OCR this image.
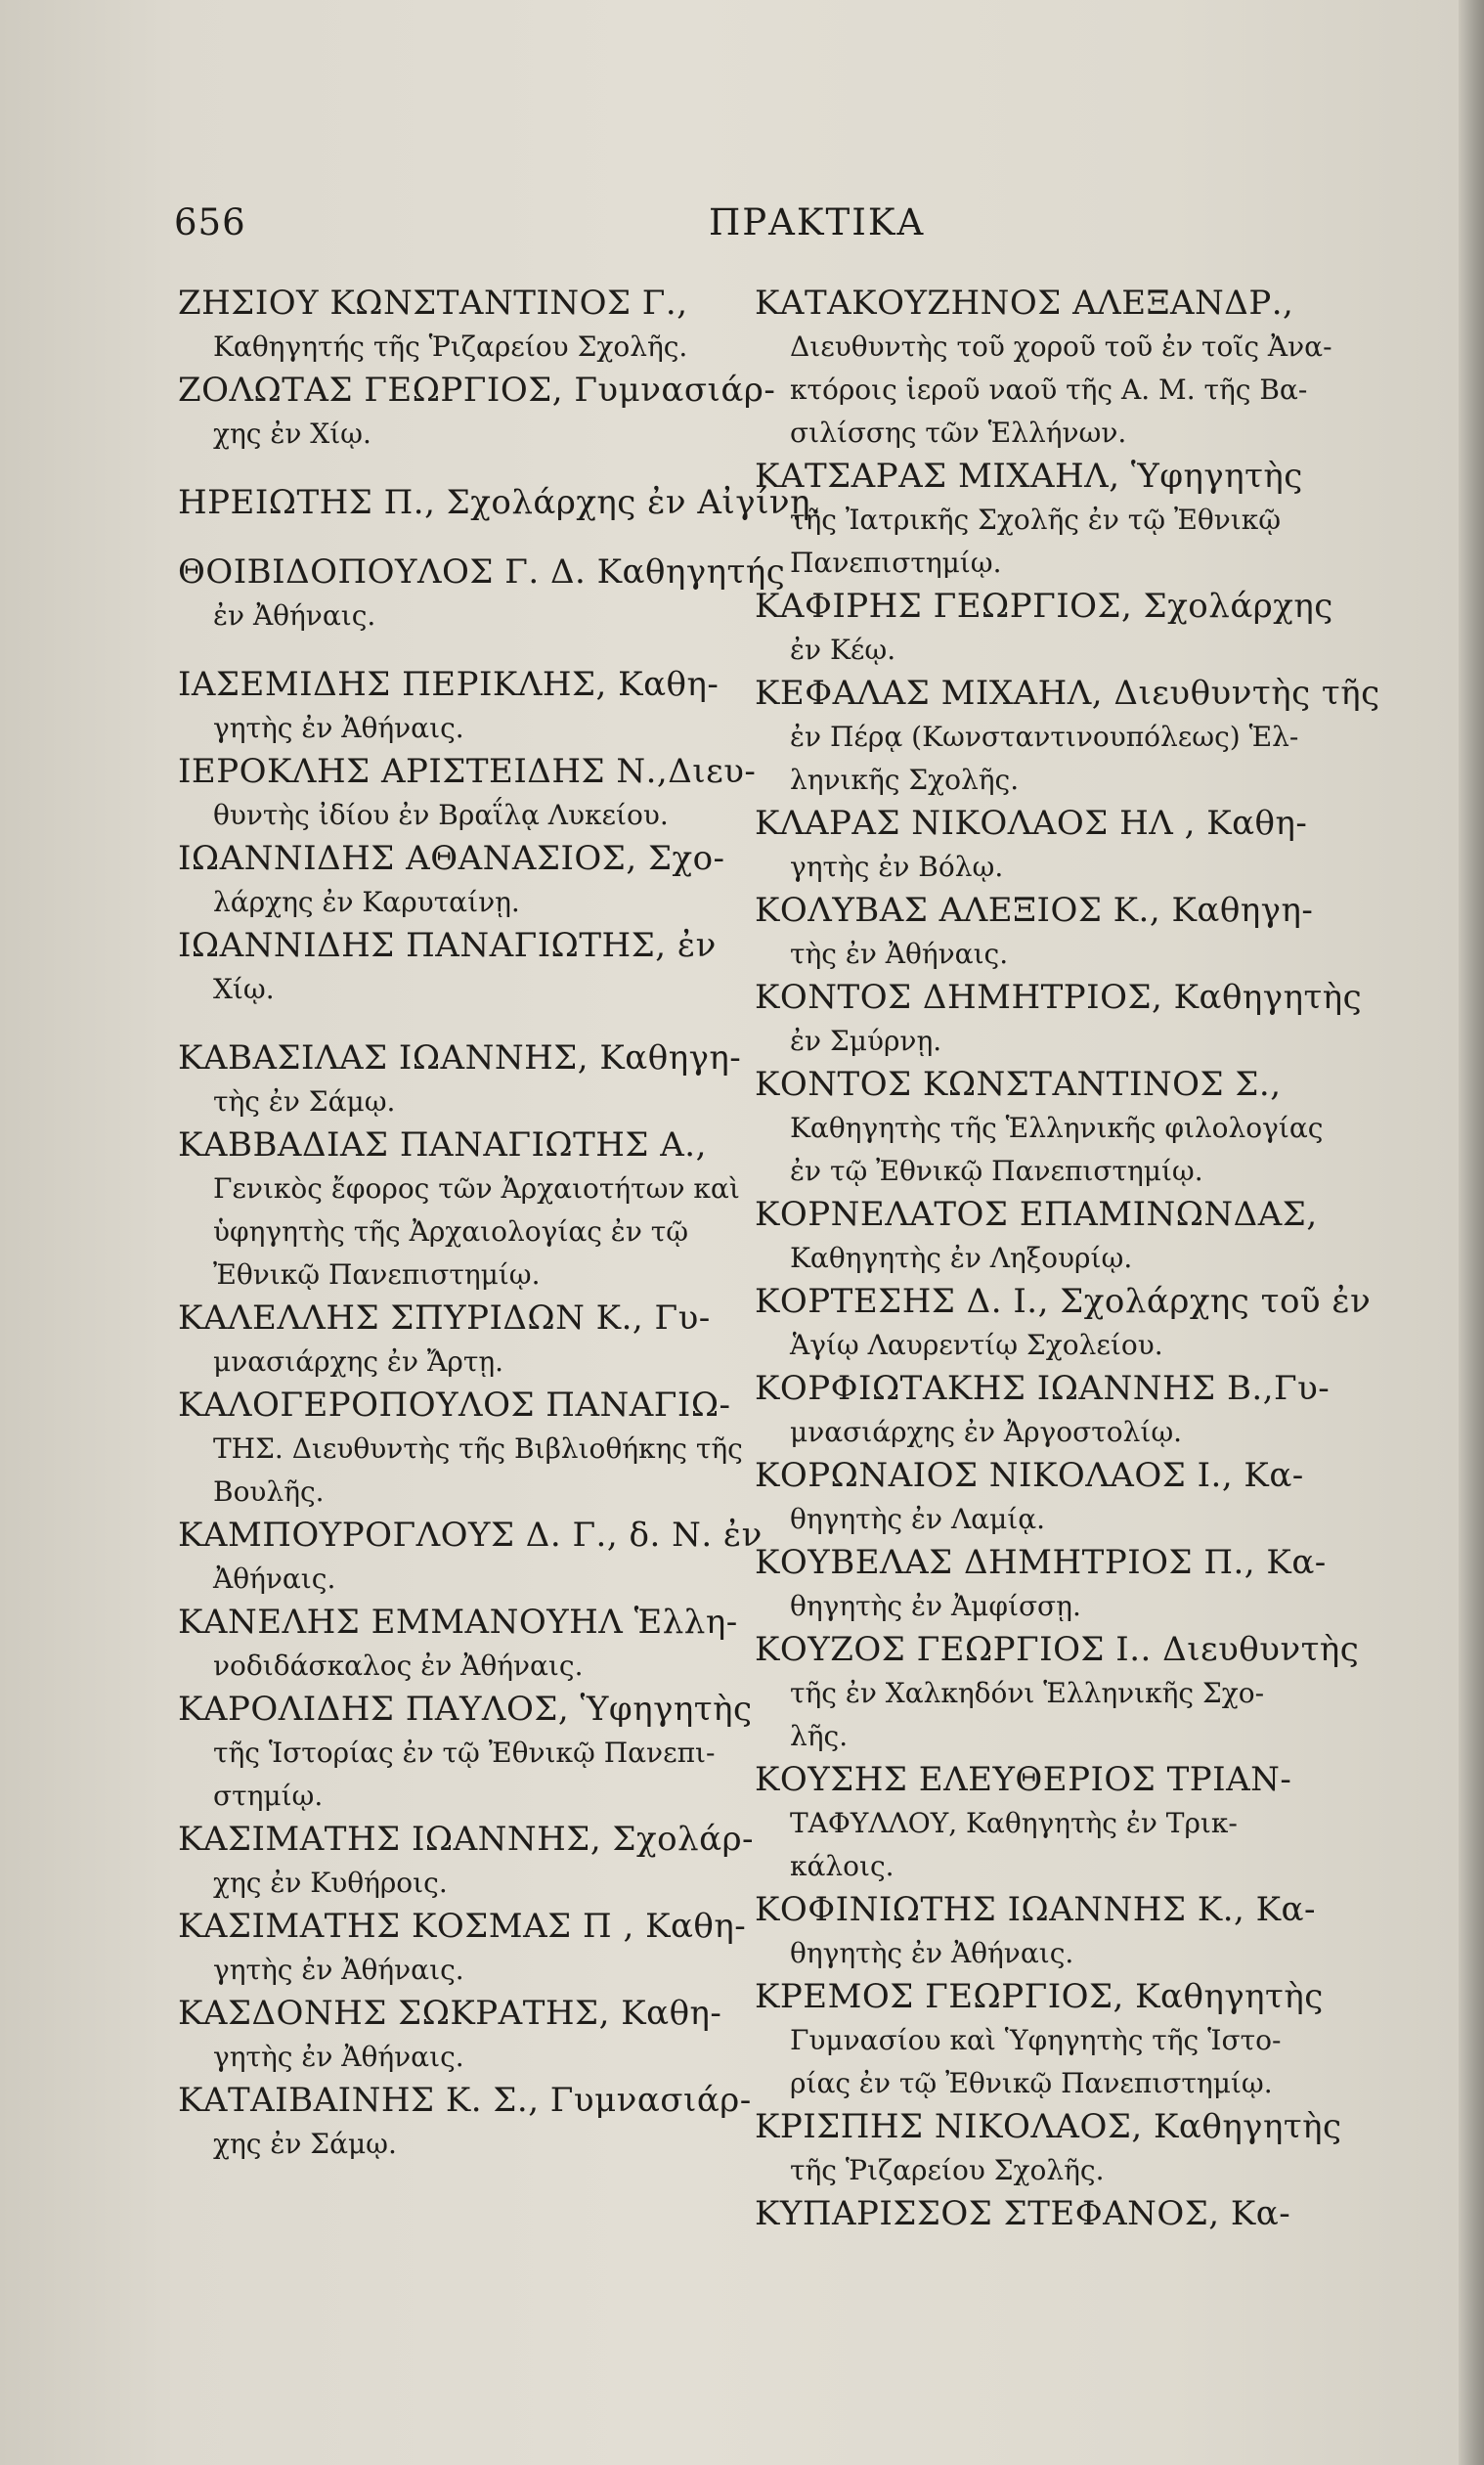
656	ΠΡΑΚΤΙΚΑ
ΖΗΣΙΟΥ ΚΩΝΣΤΑΝΤΙΝΟΣ Γ.,
Καθηγητής τῆς Ῥιζαρείου Σχολῆς.
ΖΟΛΩΤΑΣ ΓΕΩΡΓΙΟΣ, Γυμνασιάρ-
χης ἐν Χίῳ.
ΗΡΕΙΩΤΗΣ Π., Σχολάρχης ἐν Αἰγίνῃ.
ΘΟΙΒΙΔΟΠΟΥΛΟΣ Γ. Δ. Καθηγητής
ἐν Ἀθήναις.
ΙΑΣΕΜΙΔΗΣ ΠΕΡΙΚΛΗΣ, Καθη-
γητὴς ἐν Ἀθήναις.
ΙΕΡΟΚΛΗΣ ΑΡΙΣΤΕΙΔΗΣ Ν.,Διευ-
θυντὴς ἰδίου ἐν Βραΐλᾳ Λυκείου.
ΙΩΑΝΝΙΔΗΣ ΑΘΑΝΑΣΙΟΣ, Σχο-
λάρχης ἐν Καρυταίνῃ.
ΙΩΑΝΝΙΔΗΣ ΠΑΝΑΓΙΩΤΗΣ, ἐν
Χίῳ.
ΚΑΒΑΣΙΛΑΣ ΙΩΑΝΝΗΣ, Καθηγη-
τὴς ἐν Σάμῳ.
ΚΑΒΒΑΔΙΑΣ ΠΑΝΑΓΙΩΤΗΣ Α.,
Γενικὸς ἔφορος τῶν Ἀρχαιοτήτων καὶ
ὑφηγητὴς τῆς Ἀρχαιολογίας ἐν τῷ
Ἐθνικῷ Πανεπιστημίῳ.
ΚΑΛΕΛΛΗΣ ΣΠΥΡΙΔΩΝ Κ., Γυ-
μνασιάρχης ἐν Ἄρτῃ.
ΚΑΛΟΓΕΡΟΠΟΥΛΟΣ ΠΑΝΑΓΙΩ-
ΤΗΣ. Διευθυντὴς τῆς Βιβλιοθήκης τῆς
Βουλῆς.
ΚΑΜΠΟΥΡΟΓΛΟΥΣ Δ. Γ., δ. Ν. ἐν
Ἀθήναις.
ΚΑΝΕΛΗΣ ΕΜΜΑΝΟΥΗΛ Ἑλλη-
νοδιδάσκαλος ἐν Ἀθήναις.
ΚΑΡΟΛΙΔΗΣ ΠΑΥΛΟΣ, Ὑφηγητὴς
τῆς Ἱστορίας ἐν τῷ Ἐθνικῷ Πανεπι-
στημίῳ.
ΚΑΣΙΜΑΤΗΣ ΙΩΑΝΝΗΣ, Σχολάρ-
χης ἐν Κυθήροις.
ΚΑΣΙΜΑΤΗΣ ΚΟΣΜΑΣ Π , Καθη-
γητὴς ἐν Ἀθήναις.
ΚΑΣΔΟΝΗΣ ΣΩΚΡΑΤΗΣ, Καθη-
γητὴς ἐν Ἀθήναις.
ΚΑΤΑΙΒΑΙΝΗΣ Κ. Σ., Γυμνασιάρ-
χης ἐν Σάμῳ.
ΚΑΤΑΚΟΥΖΗΝΟΣ ΑΛΕΞΑΝΔΡ.,
Διευθυντὴς τοῦ χοροῦ τοῦ ἐν τοῖς Ἀνα-
κτόροις ἱεροῦ ναοῦ τῆς Α. Μ. τῆς Βα-
σιλίσσης τῶν Ἑλλήνων.
ΚΑΤΣΑΡΑΣ ΜΙΧΑΗΛ, Ὑφηγητὴς
τῆς Ἰατρικῆς Σχολῆς ἐν τῷ Ἐθνικῷ
Πανεπιστημίῳ.
ΚΑΦΙΡΗΣ ΓΕΩΡΓΙΟΣ, Σχολάρχης
ἐν Κέῳ.
ΚΕΦΑΛΑΣ ΜΙΧΑΗΛ, Διευθυντὴς τῆς
ἐν Πέρᾳ (Κωνσταντινουπόλεως) Ἑλ-
ληνικῆς Σχολῆς.
ΚΛΑΡΑΣ ΝΙΚΟΛΑΟΣ ΗΛ , Καθη-
γητὴς ἐν Βόλῳ.
ΚΟΛΥΒΑΣ ΑΛΕΞΙΟΣ Κ., Καθηγη-
τὴς ἐν Ἀθήναις.
ΚΟΝΤΟΣ ΔΗΜΗΤΡΙΟΣ, Καθηγητὴς
ἐν Σμύρνῃ.
ΚΟΝΤΟΣ ΚΩΝΣΤΑΝΤΙΝΟΣ Σ.,
Καθηγητὴς τῆς Ἑλληνικῆς φιλολογίας
ἐν τῷ Ἐθνικῷ Πανεπιστημίῳ.
ΚΟΡΝΕΛΑΤΟΣ ΕΠΑΜΙΝΩΝΔΑΣ,
Καθηγητὴς ἐν Ληξουρίῳ.
ΚΟΡΤΕΣΗΣ Δ. Ι., Σχολάρχης τοῦ ἐν
Ἁγίῳ Λαυρεντίῳ Σχολείου.
ΚΟΡΦΙΩΤΑΚΗΣ ΙΩΑΝΝΗΣ Β.,Γυ-
μνασιάρχης ἐν Ἀργοστολίῳ.
ΚΟΡΩΝΑΙΟΣ ΝΙΚΟΛΑΟΣ Ι., Κα-
θηγητὴς ἐν Λαμίᾳ.
ΚΟΥΒΕΛΑΣ ΔΗΜΗΤΡΙΟΣ Π., Κα-
θηγητὴς ἐν Ἀμφίσσῃ.
ΚΟΥΖΟΣ ΓΕΩΡΓΙΟΣ Ι.. Διευθυντὴς
τῆς ἐν Χαλκηδόνι Ἑλληνικῆς Σχο-
λῆς.
ΚΟΥΣΗΣ ΕΛΕΥΘΕΡΙΟΣ ΤΡΙΑΝ-
ΤΑΦΥΛΛΟΥ, Καθηγητὴς ἐν Τρικ-
κάλοις.
ΚΟΦΙΝΙΩΤΗΣ ΙΩΑΝΝΗΣ Κ., Κα-
θηγητὴς ἐν Ἀθήναις.
ΚΡΕΜΟΣ ΓΕΩΡΓΙΟΣ, Καθηγητὴς
Γυμνασίου καὶ Ὑφηγητὴς τῆς Ἱστο-
ρίας ἐν τῷ Ἐθνικῷ Πανεπιστημίῳ.
ΚΡΙΣΠΗΣ ΝΙΚΟΛΑΟΣ, Καθηγητὴς
τῆς Ῥιζαρείου Σχολῆς.
ΚΥΠΑΡΙΣΣΟΣ ΣΤΕΦΑΝΟΣ, Κα-
